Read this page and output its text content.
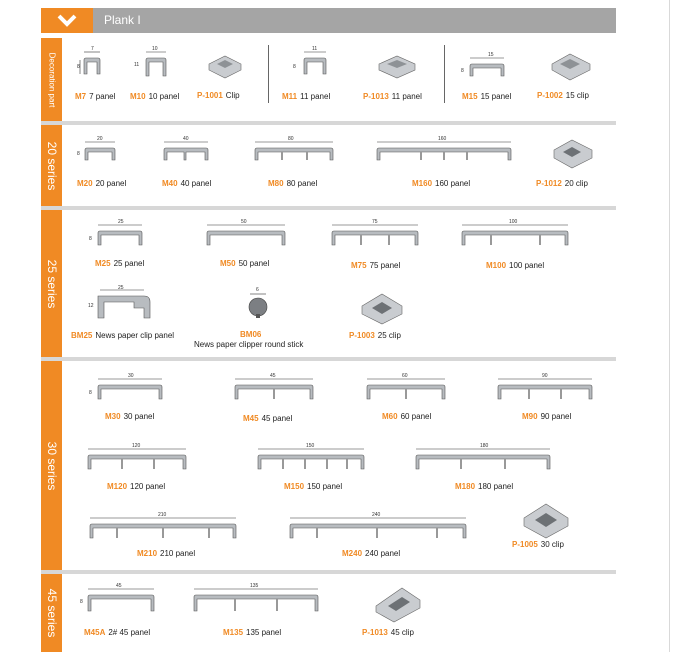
Plank I
Decoration part
20 series
25 series
30 series
45 series
7
8
M7 7 panel
10
11
M10 10 panel P-1001 Clip
11
8
M11 11 panel	P-1013 11 panel
15
8
M15 15 panel	P-1002 15 clip
20
8
M20 20 panel
40
M40 40 panel
80
M80 80 panel
160
M160 160 panel	P-1012 20 clip
25
8
M25 25 panel
50
M50 50 panel
75
M75 75 panel
100
M100 100 panel
25
12
BM25 News paper clip panel
6
BM06
News paper clipper round stick
P-1003 25 clip
30
8
M30 30 panel
45
M45 45 panel
60
M60 60 panel
90
M90 90 panel
120
M120 120 panel
150
M150 150 panel
180
M180 180 panel
210
M210 210 panel
240
M240 240 panel
P-1005 30 clip
45
8
M45A 2# 45 panel
135
M135 135 panel	P-1013 45 clip
